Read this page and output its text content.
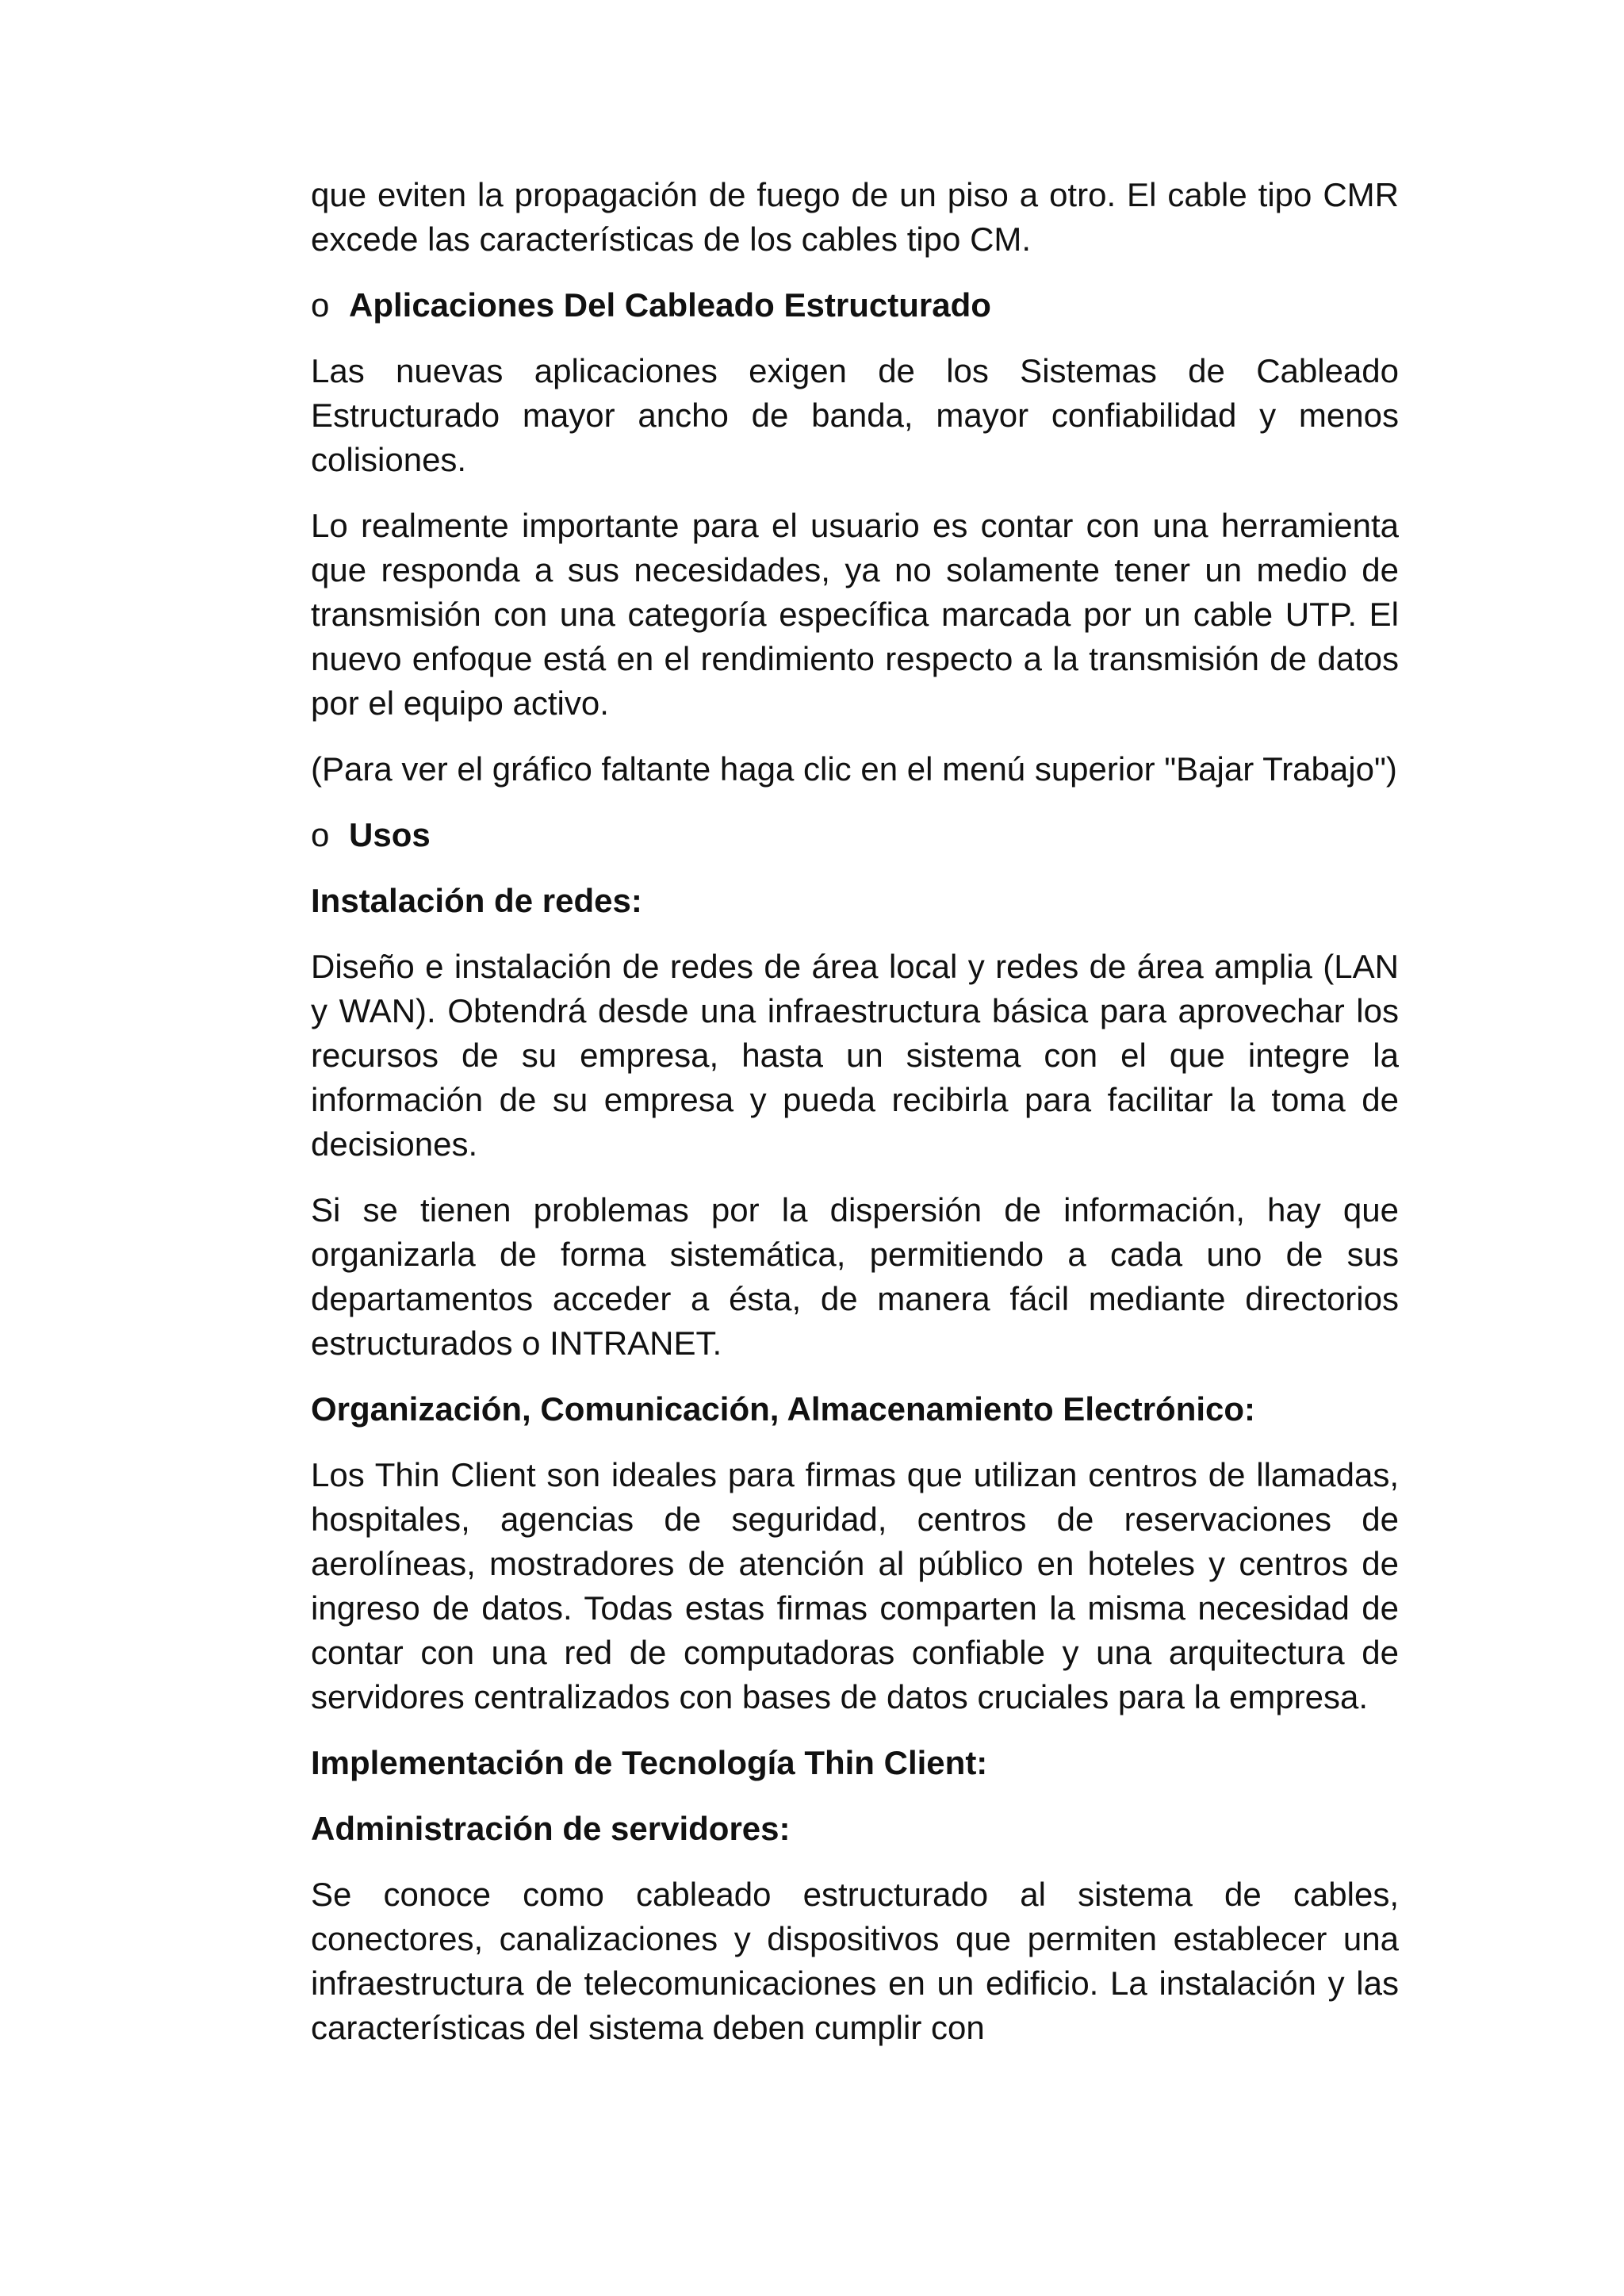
que eviten la propagación de fuego de un piso a otro. El cable tipo CMR excede las características de los cables tipo CM.

o Aplicaciones Del Cableado Estructurado

Las nuevas aplicaciones exigen de los Sistemas de Cableado Estructurado mayor ancho de banda, mayor confiabilidad y menos colisiones.

Lo realmente importante para el usuario es contar con una herramienta que responda a sus necesidades, ya no solamente tener un medio de transmisión con una categoría específica marcada por un cable UTP. El nuevo enfoque está en el rendimiento respecto a la transmisión de datos por el equipo activo.

(Para ver el gráfico faltante haga clic en el menú superior "Bajar Trabajo")

o Usos

Instalación de redes:

Diseño e instalación de redes de área local y redes de área amplia (LAN y WAN). Obtendrá desde una infraestructura básica para aprovechar los recursos de su empresa, hasta un sistema con el que integre la información de su empresa y pueda recibirla para facilitar la toma de decisiones.

Si se tienen problemas por la dispersión de información, hay que organizarla de forma sistemática, permitiendo a cada uno de sus departamentos acceder a ésta, de manera fácil mediante directorios estructurados o INTRANET.

Organización, Comunicación, Almacenamiento Electrónico:

Los Thin Client son ideales para firmas que utilizan centros de llamadas, hospitales, agencias de seguridad, centros de reservaciones de aerolíneas, mostradores de atención al público en hoteles y centros de ingreso de datos. Todas estas firmas comparten la misma necesidad de contar con una red de computadoras confiable y una arquitectura de servidores centralizados con bases de datos cruciales para la empresa.

Implementación de Tecnología Thin Client:

Administración de servidores:

Se conoce como cableado estructurado al sistema de cables, conectores, canalizaciones y dispositivos que permiten establecer una infraestructura de telecomunicaciones en un edificio. La instalación y las características del sistema deben cumplir con
